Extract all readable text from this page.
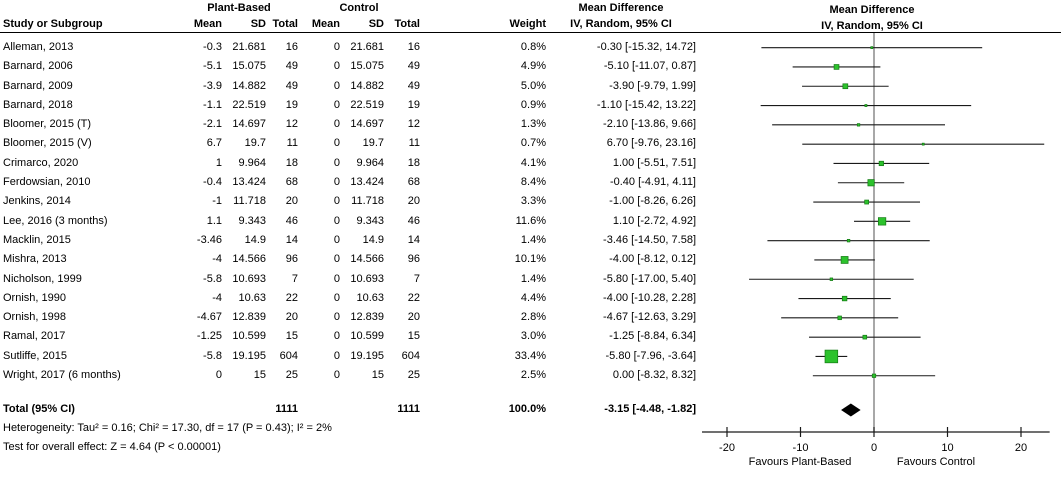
	Plant-Based			Control				Mean Difference
Study or Subgroup	Mean	SD	Total	Mean	SD	Total	Weight	IV, Random, 95% CI
Alleman, 2013	-0.3	21.681	16	0	21.681	16	0.8%	-0.30 [-15.32, 14.72]
Barnard, 2006	-5.1	15.075	49	0	15.075	49	4.9%	-5.10 [-11.07, 0.87]
Barnard, 2009	-3.9	14.882	49	0	14.882	49	5.0%	-3.90 [-9.79, 1.99]
Barnard, 2018	-1.1	22.519	19	0	22.519	19	0.9%	-1.10 [-15.42, 13.22]
Bloomer, 2015 (T)	-2.1	14.697	12	0	14.697	12	1.3%	-2.10 [-13.86, 9.66]
Bloomer, 2015 (V)	6.7	19.7	11	0	19.7	11	0.7%	6.70 [-9.76, 23.16]
Crimarco, 2020	1	9.964	18	0	9.964	18	4.1%	1.00 [-5.51, 7.51]
Ferdowsian, 2010	-0.4	13.424	68	0	13.424	68	8.4%	-0.40 [-4.91, 4.11]
Jenkins, 2014	-1	11.718	20	0	11.718	20	3.3%	-1.00 [-8.26, 6.26]
Lee, 2016 (3 months)	1.1	9.343	46	0	9.343	46	11.6%	1.10 [-2.72, 4.92]
Macklin, 2015	-3.46	14.9	14	0	14.9	14	1.4%	-3.46 [-14.50, 7.58]
Mishra, 2013	-4	14.566	96	0	14.566	96	10.1%	-4.00 [-8.12, 0.12]
Nicholson, 1999	-5.8	10.693	7	0	10.693	7	1.4%	-5.80 [-17.00, 5.40]
Ornish, 1990	-4	10.63	22	0	10.63	22	4.4%	-4.00 [-10.28, 2.28]
Ornish, 1998	-4.67	12.839	20	0	12.839	20	2.8%	-4.67 [-12.63, 3.29]
Ramal, 2017	-1.25	10.599	15	0	10.599	15	3.0%	-1.25 [-8.84, 6.34]
Sutliffe, 2015	-5.8	19.195	604	0	19.195	604	33.4%	-5.80 [-7.96, -3.64]
Wright, 2017 (6 months)	0	15	25	0	15	25	2.5%	0.00 [-8.32, 8.32]
Total (95% CI)			1111			1111	100.0%	-3.15 [-4.48, -1.82]
Heterogeneity: Tau² = 0.16; Chi² = 17.30, df = 17 (P = 0.43); I² = 2%
Test for overall effect: Z = 4.64 (P < 0.00001)
Mean Difference
IV, Random, 95% CI
-20	-10	0	10	20
Favours Plant-Based	Favours Control
